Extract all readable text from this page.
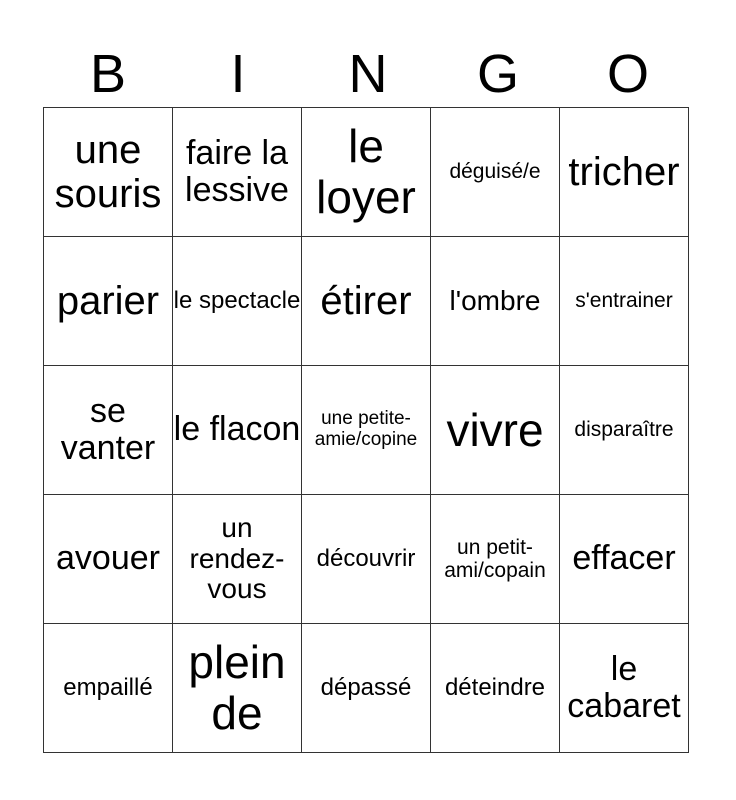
B	I	N	G	O
une souris	faire la lessive	le loyer	déguisé/e	tricher
parier	le spectacle	étirer	l'ombre	s'entrainer
se vanter	le flacon	une petite-amie/copine	vivre	disparaître
avouer	un rendez-vous	découvrir	un petit-ami/copain	effacer
empaillé	plein de	dépassé	déteindre	le cabaret
